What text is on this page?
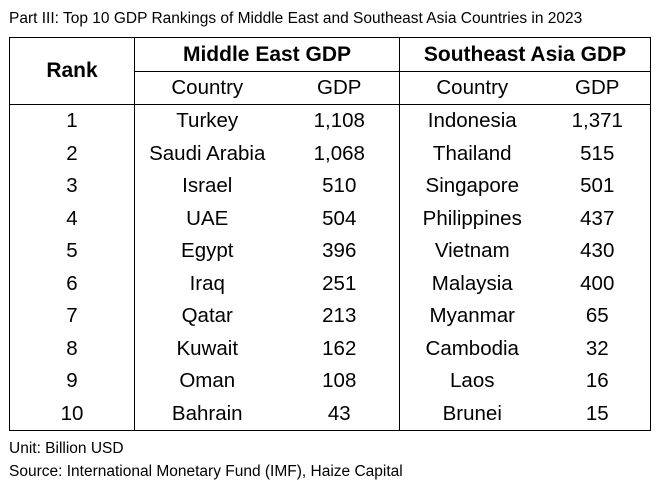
Part III: Top 10 GDP Rankings of Middle East and Southeast Asia Countries in 2023
Rank	Middle East GDP		Southeast Asia GDP	
	Country	GDP	Country	GDP
1	Turkey	1,108	Indonesia	1,371
2	Saudi Arabia	1,068	Thailand	515
3	Israel	510	Singapore	501
4	UAE	504	Philippines	437
5	Egypt	396	Vietnam	430
6	Iraq	251	Malaysia	400
7	Qatar	213	Myanmar	65
8	Kuwait	162	Cambodia	32
9	Oman	108	Laos	16
10	Bahrain	43	Brunei	15
Unit: Billion USD
Source: International Monetary Fund (IMF), Haize Capital
